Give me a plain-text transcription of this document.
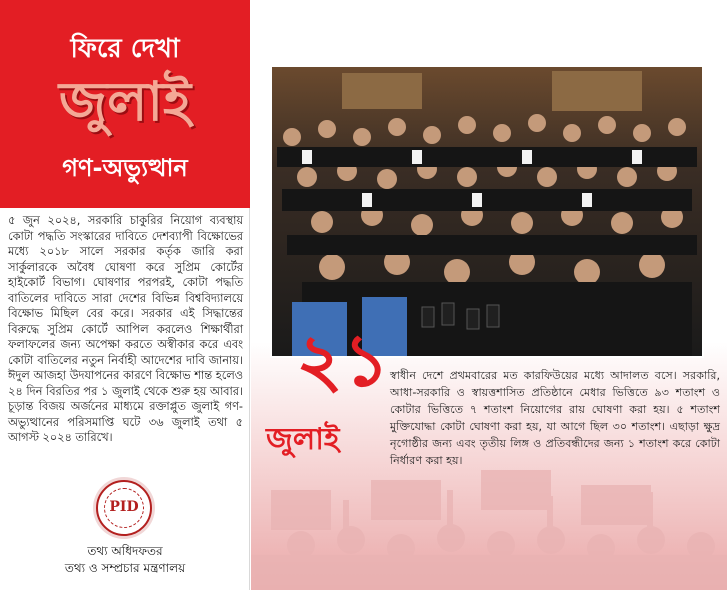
ফিরে দেখা
জুলাই
গণ-অভ্যুত্থান

৫ জুন ২০২৪, সরকারি চাকুরির নিয়োগ ব্যবস্থায় কোটা পদ্ধতি সংস্কারের দাবিতে দেশব্যাপী বিক্ষোভের মধ্যে ২০১৮ সালে সরকার কর্তৃক জারি করা সার্কুলারকে অবৈধ ঘোষণা করে সুপ্রিম কোর্টের হাইকোর্ট বিভাগ। ঘোষণার পরপরই, কোটা পদ্ধতি বাতিলের দাবিতে সারা দেশের বিভিন্ন বিশ্ববিদ্যালয়ে বিক্ষোভ মিছিল বের করে। সরকার এই সিদ্ধান্তের বিরুদ্ধে সুপ্রিম কোর্টে আপিল করলেও শিক্ষার্থীরা ফলাফলের জন্য অপেক্ষা করতে অস্বীকার করে এবং কোটা বাতিলের নতুন নির্বাহী আদেশের দাবি জানায়। ঈদুল আজহা উদযাপনের কারণে বিক্ষোভ শান্ত হলেও ২৪ দিন বিরতির পর ১ জুলাই থেকে শুরু হয় আবার। চূড়ান্ত বিজয় অর্জনের মাধ্যমে রক্তাপ্লুত জুলাই গণ-অভ্যুত্থানের পরিসমাপ্তি ঘটে ৩৬ জুলাই তথা ৫ আগস্ট ২০২৪ তারিখে।

PID
তথ্য অধিদফতর
তথ্য ও সম্প্রচার মন্ত্রণালয়
২১
জুলাই

স্বাধীন দেশে প্রথমবারের মত কারফিউয়ের মধ্যে আদালত বসে। সরকারি, আধা-সরকারি ও স্বায়ত্তশাসিত প্রতিষ্ঠানে মেধার ভিত্তিতে ৯৩ শতাংশ ও কোটার ভিত্তিতে ৭ শতাংশ নিয়োগের রায় ঘোষণা করা হয়। ৫ শতাংশ মুক্তিযোদ্ধা কোটা ঘোষণা করা হয়, যা আগে ছিল ৩০ শতাংশ। এছাড়া ক্ষুদ্র নৃগোষ্ঠীর জন্য এবং তৃতীয় লিঙ্গ ও প্রতিবন্ধীদের জন্য ১ শতাংশ করে কোটা নির্ধারণ করা হয়।
